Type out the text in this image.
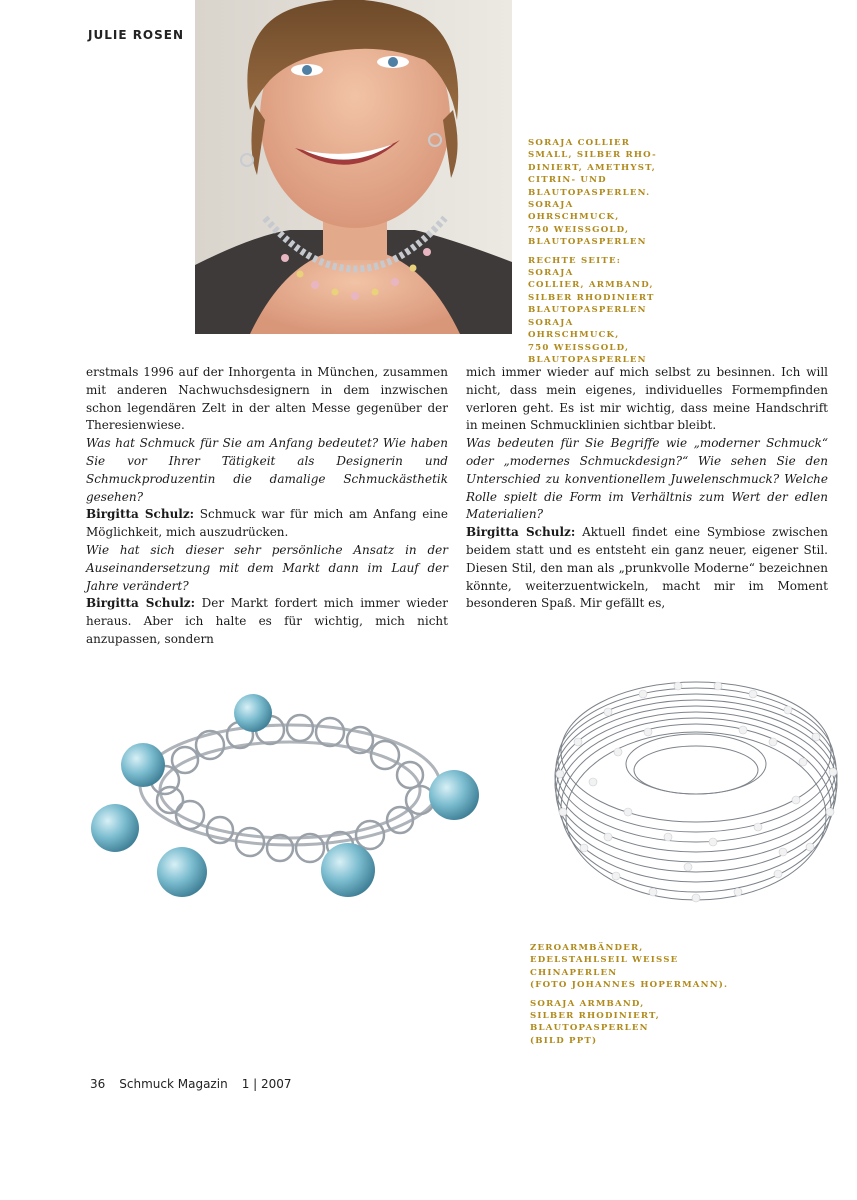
JULIE ROSEN

SORAJA COLLIER
SMALL, SILBER RHO-
DINIERT, AMETHYST,
CITRIN- UND
BLAUTOPASPERLEN.
SORAJA OHRSCHMUCK,
750 WEISSGOLD,
BLAUTOPASPERLEN

RECHTE SEITE: SORAJA
COLLIER, ARMBAND,
SILBER RHODINIERT
BLAUTOPASPERLEN
SORAJA OHRSCHMUCK,
750 WEISSGOLD,
BLAUTOPASPERLEN

erstmals 1996 auf der Inhorgenta in München, zusammen mit anderen Nachwuchsdesignern in dem inzwischen schon legendären Zelt in der alten Messe gegenüber der Theresienwiese.

Was hat Schmuck für Sie am Anfang bedeutet? Wie haben Sie vor Ihrer Tätigkeit als Designerin und Schmuckproduzentin die damalige Schmuckästhetik gesehen?

Birgitta Schulz: Schmuck war für mich am Anfang eine Möglichkeit, mich auszudrücken.

Wie hat sich dieser sehr persönliche Ansatz in der Auseinandersetzung mit dem Markt dann im Lauf der Jahre verändert?

Birgitta Schulz: Der Markt fordert mich immer wieder heraus. Aber ich halte es für wichtig, mich nicht anzupassen, sondern

mich immer wieder auf mich selbst zu besinnen. Ich will nicht, dass mein eigenes, individuelles Formempfinden verloren geht. Es ist mir wichtig, dass meine Handschrift in meinen Schmucklinien sichtbar bleibt.

Was bedeuten für Sie Begriffe wie „moderner Schmuck“ oder „modernes Schmuckdesign?“ Wie sehen Sie den Unterschied zu konventionellem Juwelenschmuck? Welche Rolle spielt die Form im Verhältnis zum Wert der edlen Materialien?

Birgitta Schulz: Aktuell findet eine Symbiose zwischen beidem statt und es entsteht ein ganz neuer, eigener Stil. Diesen Stil, den man als „prunkvolle Moderne“ bezeichnen könnte, weiterzuentwickeln, macht mir im Moment besonderen Spaß. Mir gefällt es,

ZEROARMBÄNDER,
EDELSTAHLSEIL WEISSE
CHINAPERLEN
(FOTO JOHANNES HOPERMANN).

SORAJA ARMBAND,
SILBER RHODINIERT,
BLAUTOPASPERLEN
(BILD PPT)

36 Schmuck Magazin 1 | 2007
